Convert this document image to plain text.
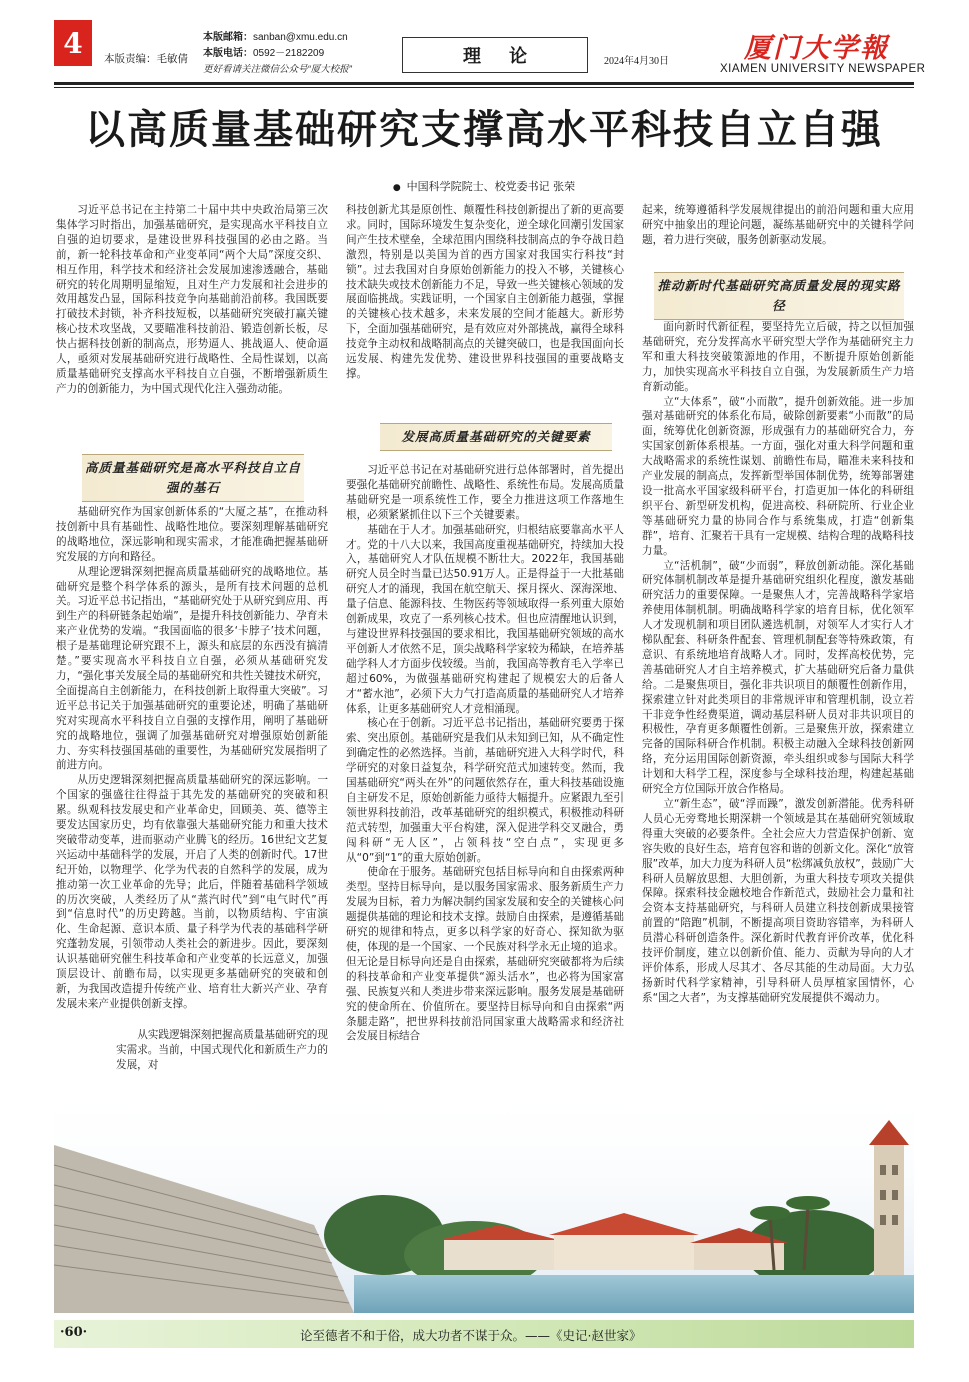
4 本版责编：毛敏倩
本版邮箱：sanban@xmu.edu.cn
本版电话：0592－2182209
更好看请关注微信公众号“厦大校报”
理论	2024年4月30日	厦门大学報
XIAMEN UNIVERSITY NEWSPAPER
以高质量基础研究支撑高水平科技自立自强
● 中国科学院院士、校党委书记 张荣

习近平总书记在主持第二十届中共中央政治局第三次集体学习时指出，加强基础研究，是实现高水平科技自立自强的迫切要求，是建设世界科技强国的必由之路。当前，新一轮科技革命和产业变革同“两个大局”深度交织、相互作用，科学技术和经济社会发展加速渗透融合，基础研究的转化周期明显缩短，且对生产力发展和社会进步的效用越发凸显，国际科技竞争向基础前沿前移。我国既要打破技术封锁，补齐科技短板，以基础研究突破打赢关键核心技术攻坚战，又要瞄准科技前沿、锻造创新长板，尽快占据科技创新的制高点，形势逼人、挑战逼人、使命逼人，亟须对发展基础研究进行战略性、全局性谋划，以高质量基础研究支撑高水平科技自立自强，不断增强新质生产力的创新能力，为中国式现代化注入强劲动能。

高质量基础研究是高水平科技自立自强的基石

基础研究作为国家创新体系的“大厦之基”，在推动科技创新中具有基础性、战略性地位。要深刻理解基础研究的战略地位，深远影响和现实需求，才能准确把握基础研究发展的方向和路径。

从理论逻辑深刻把握高质量基础研究的战略地位。基础研究是整个科学体系的源头，是所有技术问题的总机关。习近平总书记指出，“基础研究处于从研究到应用、再到生产的科研链条起始端”，是提升科技创新能力、孕育未来产业优势的发端。“我国面临的很多‘卡脖子’技术问题，根子是基础理论研究跟不上，源头和底层的东西没有搞清楚。”要实现高水平科技自立自强，必须从基础研究发力，“强化事关发展全局的基础研究和共性关键技术研究，全面提高自主创新能力，在科技创新上取得重大突破”。习近平总书记关于加强基础研究的重要论述，明确了基础研究对实现高水平科技自立自强的支撑作用，阐明了基础研究的战略地位，强调了加强基础研究对增强原始创新能力、夯实科技强国基础的重要性，为基础研究发展指明了前进方向。

从历史逻辑深刻把握高质量基础研究的深远影响。一个国家的强盛往往得益于其先发的基础研究的突破和积累。纵观科技发展史和产业革命史，回顾美、英、德等主要发达国家历史，均有依靠强大基础研究能力和重大技术突破带动变革，进而驱动产业腾飞的经历。16世纪文艺复兴运动中基础科学的发展，开启了人类的创新时代。17世纪开始，以物理学、化学为代表的自然科学的发展，成为推动第一次工业革命的先导；此后，伴随着基础科学领域的历次突破，人类经历了从“蒸汽时代”到“电气时代”再到“信息时代”的历史跨越。当前，以物质结构、宇宙演化、生命起源、意识本质、量子科学为代表的基础科学研究蓬勃发展，引领带动人类社会的新进步。因此，要深刻认识基础研究催生科技革命和产业变革的长远意义，加强顶层设计、前瞻布局，以实现更多基础研究的突破和创新，为我国改造提升传统产业、培育壮大新兴产业、孕育发展未来产业提供创新支撑。

从实践逻辑深刻把握高质量基础研究的现实需求。当前，中国式现代化和新质生产力的发展，对

科技创新尤其是原创性、颠覆性科技创新提出了新的更高要求。同时，国际环境发生复杂变化，逆全球化回潮引发国家间产生技术壁垒，全球范围内围绕科技制高点的争夺战日趋激烈，特别是以美国为首的西方国家对我国实行科技“封锁”。过去我国对自身原始创新能力的投入不够，关键核心技术缺失或技术创新能力不足，导致一些关键核心领域的发展面临挑战。实践证明，一个国家自主创新能力越强，掌握的关键核心技术越多，未来发展的空间才能越大。新形势下，全面加强基础研究，是有效应对外部挑战，赢得全球科技竞争主动权和战略制高点的关键突破口，也是我国面向长远发展、构建先发优势、建设世界科技强国的重要战略支撑。

发展高质量基础研究的关键要素

习近平总书记在对基础研究进行总体部署时，首先提出要强化基础研究前瞻性、战略性、系统性布局。发展高质量基础研究是一项系统性工作，要全力推进这项工作落地生根，必须紧紧抓住以下三个关键要素。

基础在于人才。加强基础研究，归根结底要靠高水平人才。党的十八大以来，我国高度重视基础研究，持续加大投入，基础研究人才队伍规模不断壮大。2022年，我国基础研究人员全时当量已达50.91万人。正是得益于一大批基础研究人才的涌现，我国在航空航天、探月探火、深海深地、量子信息、能源科技、生物医药等领域取得一系列重大原始创新成果，攻克了一系列核心技术。但也应清醒地认识到，与建设世界科技强国的要求相比，我国基础研究领域的高水平创新人才依然不足，顶尖战略科学家较为稀缺，在培养基础学科人才方面步伐较缓。当前，我国高等教育毛入学率已超过60%，为做强基础研究构建起了规模宏大的后备人才“蓄水池”，必须下大力气打造高质量的基础研究人才培养体系，让更多基础研究人才竞相涌现。

核心在于创新。习近平总书记指出，基础研究要勇于探索、突出原创。基础研究是我们从未知到已知，从不确定性到确定性的必然选择。当前，基础研究进入大科学时代，科学研究的对象日益复杂，科学研究范式加速转变。然而，我国基础研究“两头在外”的问题依然存在，重大科技基础设施自主研发不足，原始创新能力亟待大幅提升。应紧跟九至引领世界科技前沿，改革基础研究的组织模式，积极推动科研范式转型，加强重大平台构建，深入促进学科交叉融合，勇闯科研“无人区”，占领科技“空白点”，实现更多从“0”到“1”的重大原始创新。

使命在于服务。基础研究包括目标导向和自由探索两种类型。坚持目标导向，是以服务国家需求、服务新质生产力发展为目标，着力为解决制约国家发展和安全的关键核心问题提供基础的理论和技术支撑。鼓励自由探索，是遵循基础研究的规律和特点，更多以科学家的好奇心、探知欲为驱使，体现的是一个国家、一个民族对科学永无止境的追求。但无论是目标导向还是自由探索，基础研究突破都将为后续的科技革命和产业变革提供“源头活水”，也必将为国家富强、民族复兴和人类进步带来深远影响。服务发展是基础研究的使命所在、价值所在。要坚持目标导向和自由探索“两条腿走路”，把世界科技前沿同国家重大战略需求和经济社会发展目标结合

起来，统筹遵循科学发展规律提出的前沿问题和重大应用研究中抽象出的理论问题，凝练基础研究中的关键科学问题，着力进行突破，服务创新驱动发展。

推动新时代基础研究高质量发展的现实路径

面向新时代新征程，要坚持先立后破，持之以恒加强基础研究，充分发挥高水平研究型大学作为基础研究主力军和重大科技突破策源地的作用，不断提升原始创新能力，加快实现高水平科技自立自强，为发展新质生产力培育新动能。

立“大体系”，破“小而散”，提升创新效能。进一步加强对基础研究的体系化布局，破除创新要素“小而散”的局面，统筹优化创新资源，形成强有力的基础研究合力，夯实国家创新体系根基。一方面，强化对重大科学问题和重大战略需求的系统性谋划、前瞻性布局，瞄准未来科技和产业发展的制高点，发挥新型举国体制优势，统筹部署建设一批高水平国家级科研平台，打造更加一体化的科研组织平台、新型研发机构，促进高校、科研院所、行业企业等基础研究力量的协同合作与系统集成，打造“创新集群”，培育、汇聚若干具有一定规模、结构合理的战略科技力量。

立“活机制”，破“少而弱”，释放创新动能。深化基础研究体制机制改革是提升基础研究组织化程度，激发基础研究活力的重要保障。一是聚焦人才，完善战略科学家培养使用体制机制。明确战略科学家的培育目标，优化领军人才发现机制和项目团队遴选机制，对领军人才实行人才梯队配套、科研条件配套、管理机制配套等特殊政策，有意识、有系统地培育战略人才。同时，发挥高校优势，完善基础研究人才自主培养模式，扩大基础研究后备力量供给。二是聚焦项目，强化非共识项目的颠覆性创新作用，探索建立针对此类项目的非常规评审和管理机制，设立若干非竞争性经费渠道，调动基层科研人员对非共识项目的积极性，孕育更多颠覆性创新。三是聚焦开放，探索建立完备的国际科研合作机制。积极主动融入全球科技创新网络，充分运用国际创新资源，牵头组织或参与国际大科学计划和大科学工程，深度参与全球科技治理，构建起基础研究全方位国际开放合作格局。

立“新生态”，破“浮而躁”，激发创新潜能。优秀科研人员心无旁骛地长期深耕一个领域是其在基础研究领域取得重大突破的必要条件。全社会应大力营造保护创新、宽容失败的良好生态，培育包容和谐的创新文化。深化“放管服”改革，加大力度为科研人员“松绑减负放权”，鼓励广大科研人员解放思想、大胆创新，为重大科技专项攻关提供保障。探索科技金融校地合作新范式，鼓励社会力量和社会资本支持基础研究，与科研人员建立科技创新成果接管前置的“陪跑”机制，不断提高项目资助容错率，为科研人员潜心科研创造条件。深化新时代教育评价改革，优化科技评价制度，建立以创新价值、能力、贡献为导向的人才评价体系，形成人尽其才、各尽其能的生动局面。大力弘扬新时代科学家精神，引导科研人员厚植家国情怀，心系“国之大者”，为支撑基础研究发展提供不竭动力。

·60·	论至德者不和于俗，成大功者不谋于众。——《史记·赵世家》
